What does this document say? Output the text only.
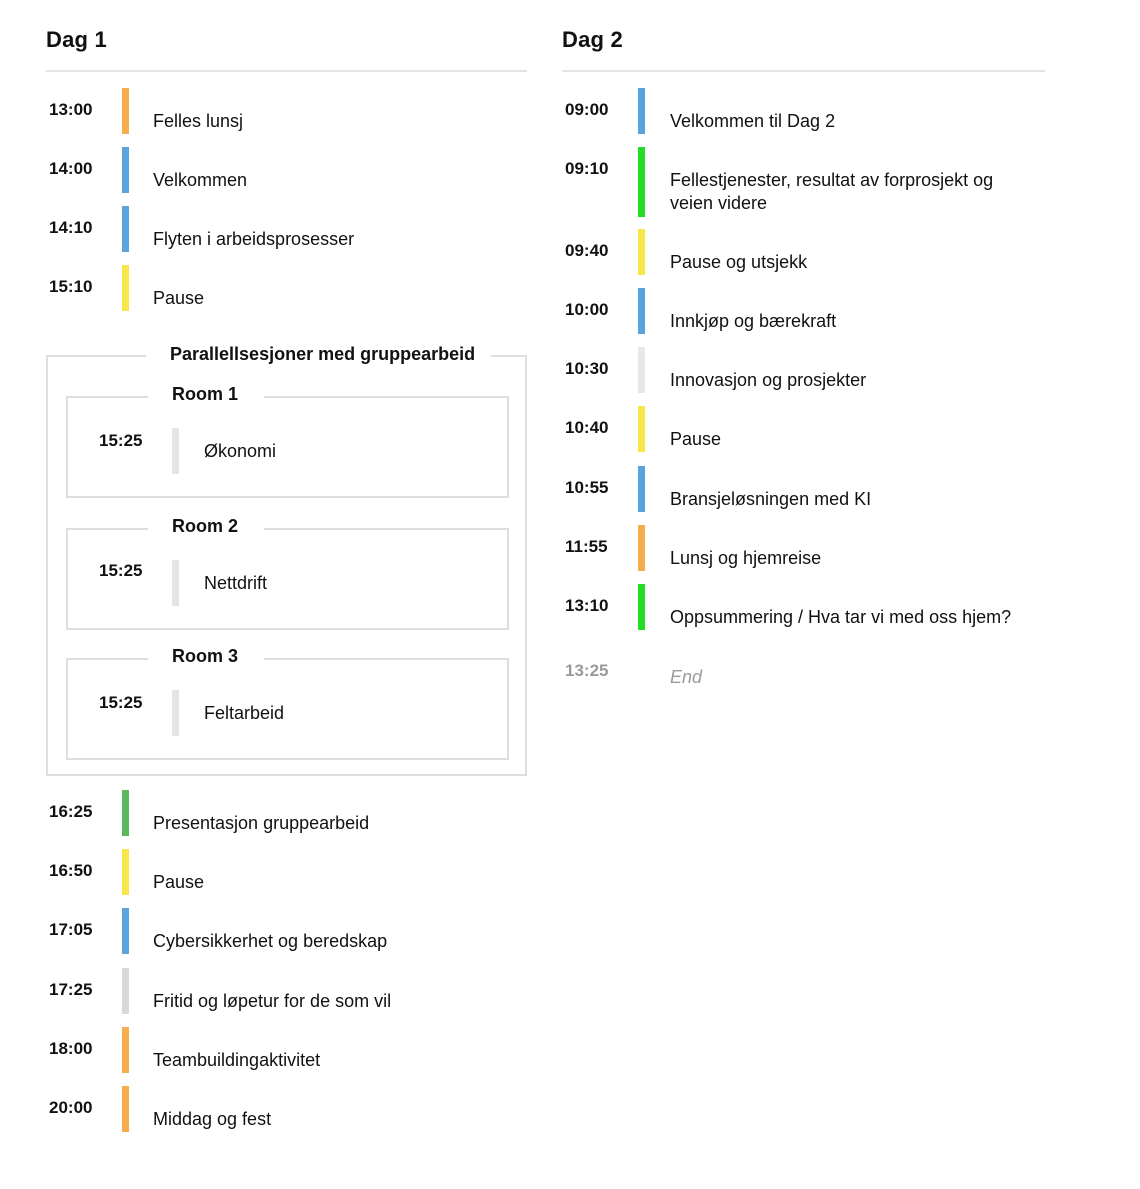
Dag 1
13:00
Felles lunsj
14:00
Velkommen
14:10
Flyten i arbeidsprosesser
15:10
Pause
Parallellsesjoner med gruppearbeid
Room 1
15:25
Økonomi
Room 2
15:25
Nettdrift
Room 3
15:25
Feltarbeid
16:25
Presentasjon gruppearbeid
16:50
Pause
17:05
Cybersikkerhet og beredskap
17:25
Fritid og løpetur for de som vil
18:00
Teambuildingaktivitet
20:00
Middag og fest
Dag 2
09:00
Velkommen til Dag 2
09:10
Fellestjenester, resultat av forprosjekt og veien videre
09:40
Pause og utsjekk
10:00
Innkjøp og bærekraft
10:30
Innovasjon og prosjekter
10:40
Pause
10:55
Bransjeløsningen med KI
11:55
Lunsj og hjemreise
13:10
Oppsummering / Hva tar vi med oss hjem?
13:25	End
